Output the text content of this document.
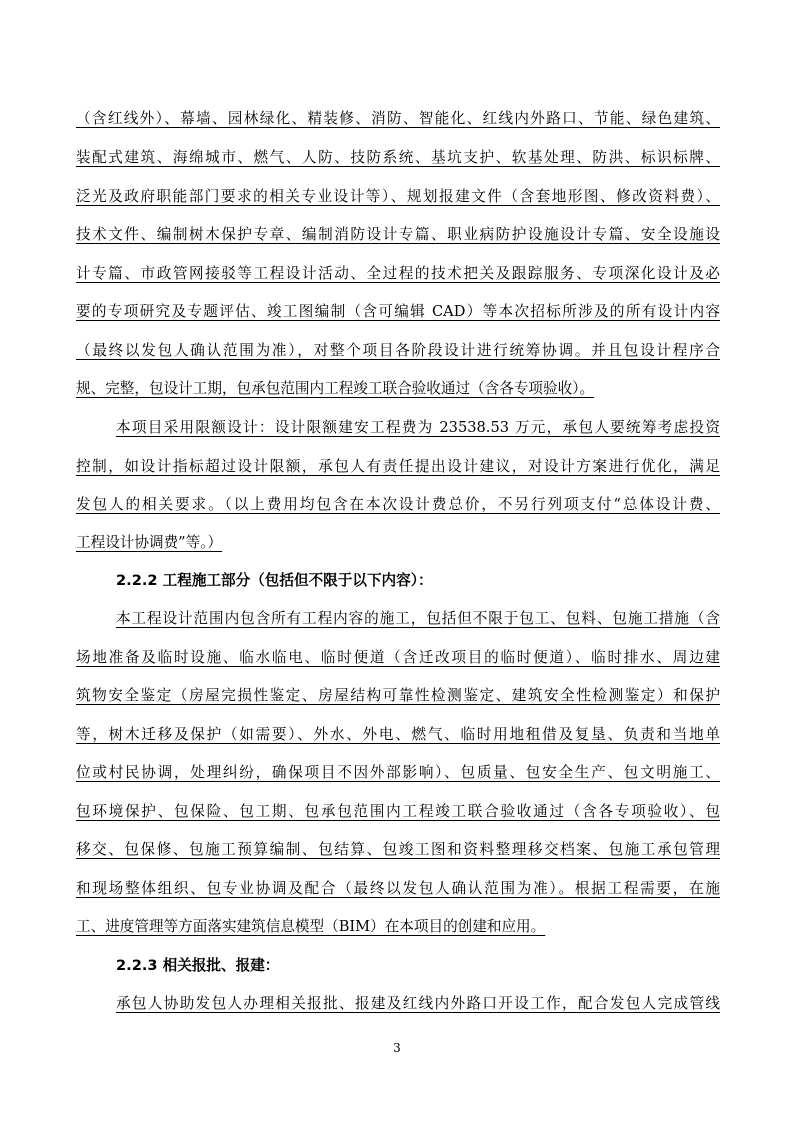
（含红线外）、幕墙、园林绿化、精装修、消防、智能化、红线内外路口、节能、绿色建筑、
装配式建筑、海绵城市、燃气、人防、技防系统、基坑支护、软基处理、防洪、标识标牌、
泛光及政府职能部门要求的相关专业设计等）、规划报建文件（含套地形图、修改资料费）、
技术文件、编制树木保护专章、编制消防设计专篇、职业病防护设施设计专篇、安全设施设
计专篇、市政管网接驳等工程设计活动、全过程的技术把关及跟踪服务、专项深化设计及必
要的专项研究及专题评估、竣工图编制（含可编辑 CAD）等本次招标所涉及的所有设计内容
（最终以发包人确认范围为准），对整个项目各阶段设计进行统筹协调。并且包设计程序合
规、完整，包设计工期，包承包范围内工程竣工联合验收通过（含各专项验收）。
本项目采用限额设计：设计限额建安工程费为 23538.53 万元，承包人要统筹考虑投资
控制，如设计指标超过设计限额，承包人有责任提出设计建议，对设计方案进行优化，满足
发包人的相关要求。（以上费用均包含在本次设计费总价，不另行列项支付“总体设计费、
工程设计协调费”等。）
2.2.2 工程施工部分（包括但不限于以下内容）：
本工程设计范围内包含所有工程内容的施工，包括但不限于包工、包料、包施工措施（含
场地准备及临时设施、临水临电、临时便道（含迁改项目的临时便道）、临时排水、周边建
筑物安全鉴定（房屋完损性鉴定、房屋结构可靠性检测鉴定、建筑安全性检测鉴定）和保护
等，树木迁移及保护（如需要）、外水、外电、燃气、临时用地租借及复垦、负责和当地单
位或村民协调，处理纠纷，确保项目不因外部影响）、包质量、包安全生产、包文明施工、
包环境保护、包保险、包工期、包承包范围内工程竣工联合验收通过（含各专项验收）、包
移交、包保修、包施工预算编制、包结算、包竣工图和资料整理移交档案、包施工承包管理
和现场整体组织、包专业协调及配合（最终以发包人确认范围为准）。根据工程需要，在施
工、进度管理等方面落实建筑信息模型（BIM）在本项目的创建和应用。
2.2.3 相关报批、报建：
承包人协助发包人办理相关报批、报建及红线内外路口开设工作，配合发包人完成管线
3
